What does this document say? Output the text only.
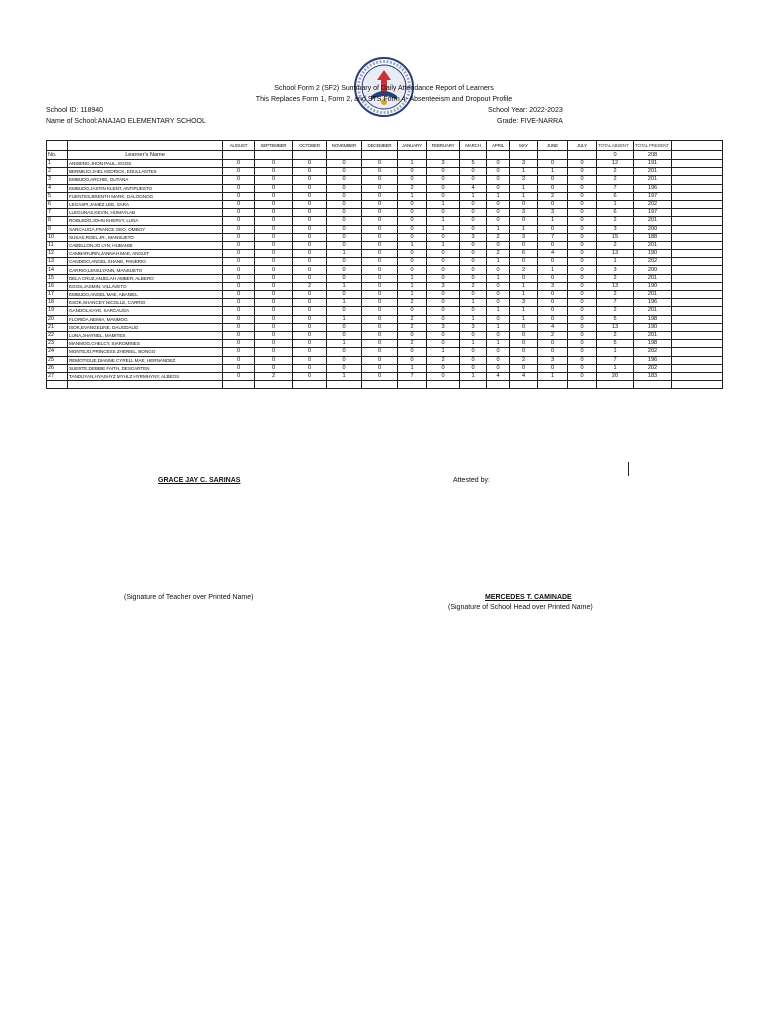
School Form 2 (SF2) Summary of Daily Attendance Report of Learners
This Replaces Form 1, Form 2, and STS Form 4- Absenteeism and Dropout Profile
School ID: 118940
Name of School:ANAJAO ELEMENTARY SCHOOL
School Year: 2022-2023
Grade: FIVE-NARRA
		AUGUST	SEPTEMBER	OCTOBER	NOVEMBER	DECEMBER	JANUARY	FEBRUARY	MARCH	APRIL	MAY	JUNE	JULY	TOTAL ABSENT	TOTAL PRESENT	
No.	Learner's Name													0	208	
1	ANSBINO,JHON PAUL, EGOS	0	0	0	0	0	1	3	5	0	3	0	0	12	191	
2	BERMEJO,JHEL KEDRICK, EDULLANTES	0	0	0	0	0	0	0	0	0	1	1	0	2	201	
3	EMBUDO,ARCHIE, GUTANA	0	0	0	0	0	0	0	0	0	2	0	0	2	201	
4	EMBUDO,JASTIN KLENT, ANTIPUESTO	0	0	0	0	0	2	0	4	0	1	0	0	7	196	
5	FUENTES,BRENTH MARK, DALOGNOG	0	0	0	0	0	1	0	1	1	1	2	0	6	197	
6	LEGASPI,JAMEZ LEE, SARA	0	0	0	0	0	0	1	0	0	0	0	0	1	202	
7	LLEGUNAS,KEVIN, HUMAYLAB	0	0	0	0	0	0	0	0	0	3	3	0	6	197	
8	ROBLEDO,JOHN KHERVY, LUNA	0	0	0	0	0	0	1	0	0	0	1	0	2	201	
9	SARCAUGA,FRANCE GEO, OMBOY	0	0	0	0	0	0	1	0	1	1	0	0	3	200	
10	SUSAS,ROEL JR., MANSUETO	0	0	0	0	0	0	0	3	2	3	7	0	15	188	
11	CABELLON,JO LYN, HUBAHIB	0	0	0	0	0	1	1	0	0	0	0	0	2	201	
12	CAMBARURIN,JANNAH MAE, ANGUIT	0	0	0	1	0	0	0	0	2	6	4	0	13	190	
13	CANDIDO,ANGEL SHANE, PANERIO	0	0	0	0	0	0	0	0	1	0	0	0	1	202	
14	CARRIO,LENSLYANN, MANSUETO	0	0	0	0	0	0	0	0	0	2	1	0	3	200	
15	DELA CRUZ,ANJELAH AMBER, ALBERO	0	0	0	0	0	1	0	0	1	0	0	0	2	201	
16	EGOS,JASMIN, VILLAVETO	0	0	2	1	0	1	3	2	0	1	3	0	13	190	
17	EMBUDO,ANGEL MAE, ABANIEL	0	0	0	0	0	1	0	0	0	1	0	0	2	201	
18	ESOK,SHANCEY NICOLLE, CARRIO	0	0	0	1	0	2	0	1	0	3	0	0	7	196	
19	GANDOL,KAYE, SARCAUGA	0	0	0	0	0	0	0	0	1	1	0	0	2	201	
20	FLORIDA,NEMIA, MANMOG	0	0	0	1	0	2	0	1	0	1	0	0	5	198	
21	ISOK,EVANGELINE, DAUGDAUG	0	0	0	0	0	2	3	3	1	0	4	0	13	190	
22	LUNA,JHAYNEL, MAMITES	0	0	0	0	0	0	0	0	0	0	2	0	2	201	
23	MANMOG,CHELCY, SIAROMINES	0	0	0	1	0	2	0	1	1	0	0	0	5	198	
24	MONTEJO,PRINCESS ZHERIEL, BONGO	0	0	0	0	0	0	1	0	0	0	0	0	1	202	
25	REMOTIGUE,DIANNE CYRELL MAE, HERNANDEZ	0	0	0	0	0	0	2	0	0	2	3	0	7	196	
26	SUERTE,DEBBIE FAITH, DESCARTEN	0	0	0	0	0	1	0	0	0	0	0	0	1	202	
27	TANDUYAN,HYASHYZ MYHLZ HYRMHYNY, ALBEOS	0	2	0	1	0	7	0	1	4	4	1	0	20	183	

GRACE JAY C. SARINAS	Attested by:
(Signature of Teacher over Printed Name)	MERCEDES T. CAMINADE
(Signature of School Head over Printed Name)
